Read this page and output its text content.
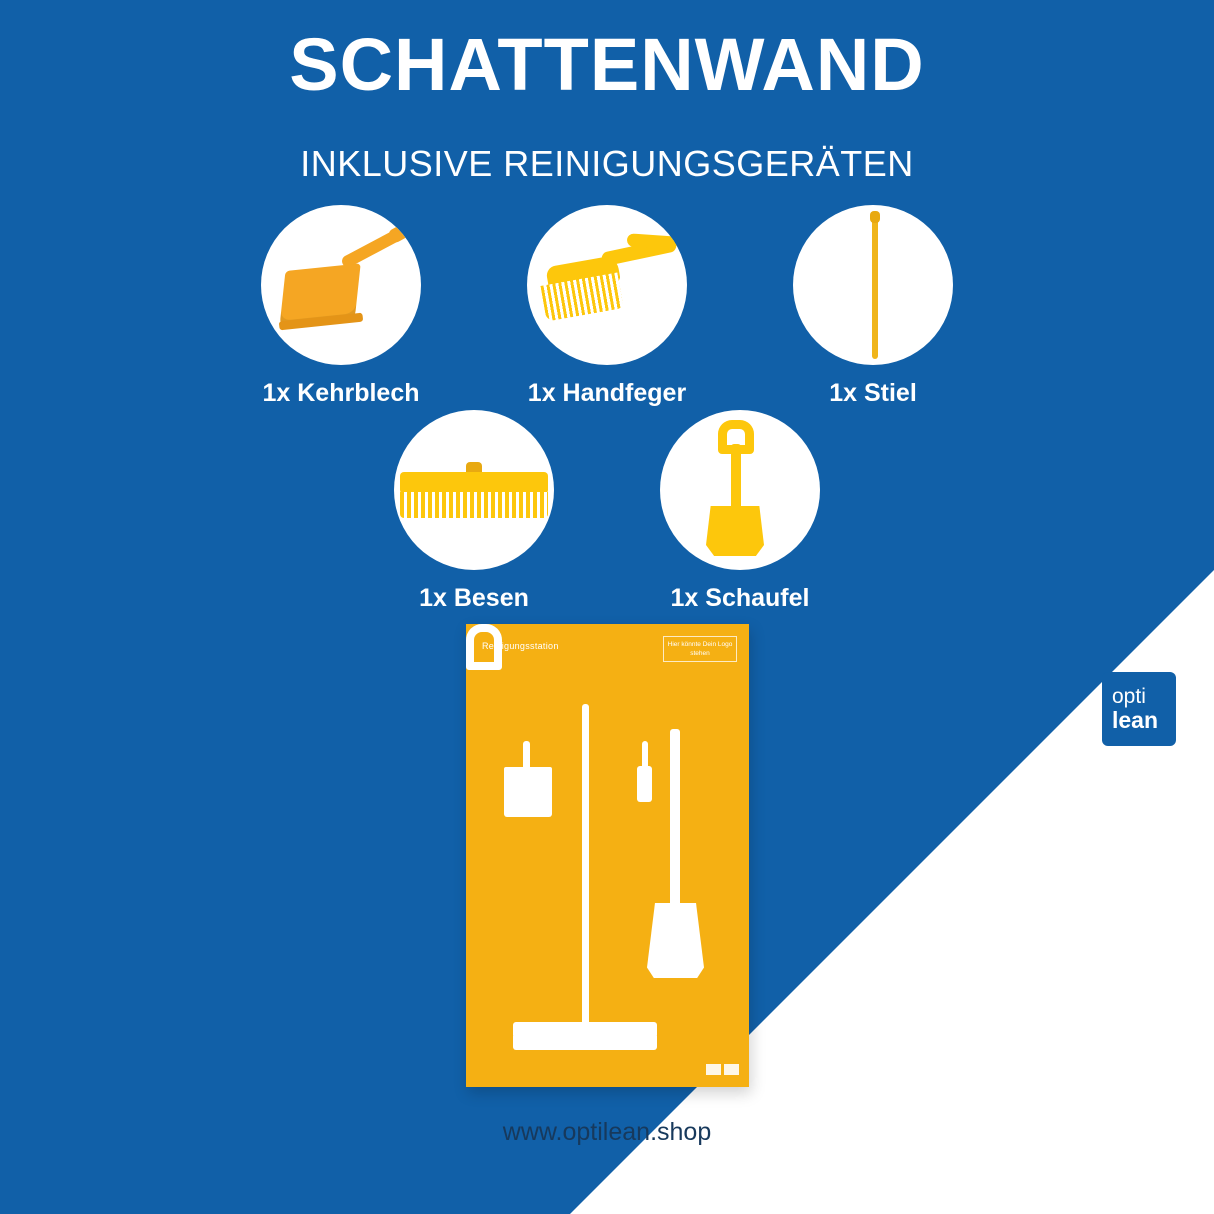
SCHATTENWAND
INKLUSIVE REINIGUNGSGERÄTEN
1x Kehrblech	1x Handfeger	1x Stiel
1x Besen	1x Schaufel
Reinigungsstation	Hier könnte Dein Logo stehen
www.optilean.shop
opti
lean
